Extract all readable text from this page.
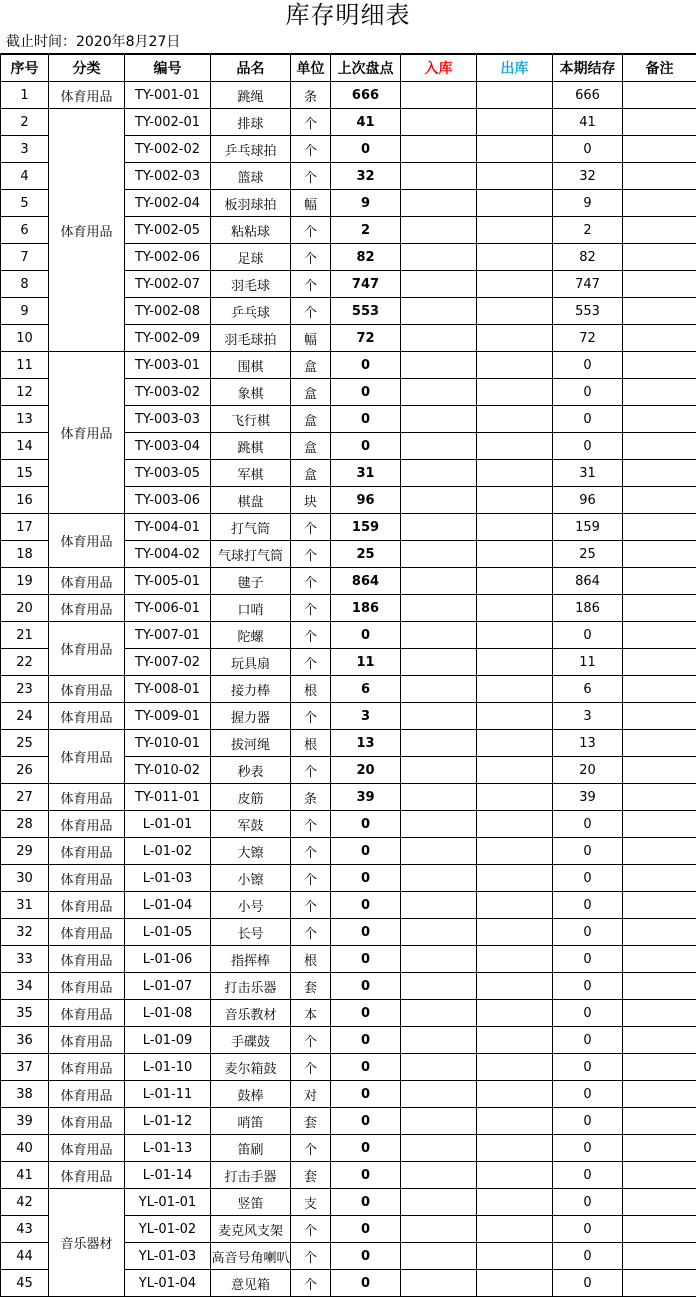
库存明细表
截止时间：2020年8月27日
序号	分类	编号	品名	单位	上次盘点	入库	出库	本期结存	备注
1	体育用品	TY-001-01	跳绳	条	666			666	
2	体育用品	TY-002-01	排球	个	41			41	
3		TY-002-02	乒乓球拍	个	0			0	
4		TY-002-03	篮球	个	32			32	
5		TY-002-04	板羽球拍	幅	9			9	
6		TY-002-05	粘粘球	个	2			2	
7		TY-002-06	足球	个	82			82	
8		TY-002-07	羽毛球	个	747			747	
9		TY-002-08	乒乓球	个	553			553	
10		TY-002-09	羽毛球拍	幅	72			72	
11	体育用品	TY-003-01	围棋	盒	0			0	
12		TY-003-02	象棋	盒	0			0	
13		TY-003-03	飞行棋	盒	0			0	
14		TY-003-04	跳棋	盒	0			0	
15		TY-003-05	军棋	盒	31			31	
16		TY-003-06	棋盘	块	96			96	
17	体育用品	TY-004-01	打气筒	个	159			159	
18		TY-004-02	气球打气筒	个	25			25	
19	体育用品	TY-005-01	毽子	个	864			864	
20	体育用品	TY-006-01	口哨	个	186			186	
21	体育用品	TY-007-01	陀螺	个	0			0	
22		TY-007-02	玩具扇	个	11			11	
23	体育用品	TY-008-01	接力棒	根	6			6	
24	体育用品	TY-009-01	握力器	个	3			3	
25	体育用品	TY-010-01	拔河绳	根	13			13	
26		TY-010-02	秒表	个	20			20	
27	体育用品	TY-011-01	皮筋	条	39			39	
28	体育用品	L-01-01	军鼓	个	0			0	
29	体育用品	L-01-02	大镲	个	0			0	
30	体育用品	L-01-03	小镲	个	0			0	
31	体育用品	L-01-04	小号	个	0			0	
32	体育用品	L-01-05	长号	个	0			0	
33	体育用品	L-01-06	指挥棒	根	0			0	
34	体育用品	L-01-07	打击乐器	套	0			0	
35	体育用品	L-01-08	音乐教材	本	0			0	
36	体育用品	L-01-09	手碟鼓	个	0			0	
37	体育用品	L-01-10	麦尔箱鼓	个	0			0	
38	体育用品	L-01-11	鼓棒	对	0			0	
39	体育用品	L-01-12	哨笛	套	0			0	
40	体育用品	L-01-13	笛刷	个	0			0	
41	体育用品	L-01-14	打击手器	套	0			0	
42	音乐器材	YL-01-01	竖笛	支	0			0	
43		YL-01-02	麦克风支架	个	0			0	
44		YL-01-03	高音号角喇叭	个	0			0	
45		YL-01-04	意见箱	个	0			0	
